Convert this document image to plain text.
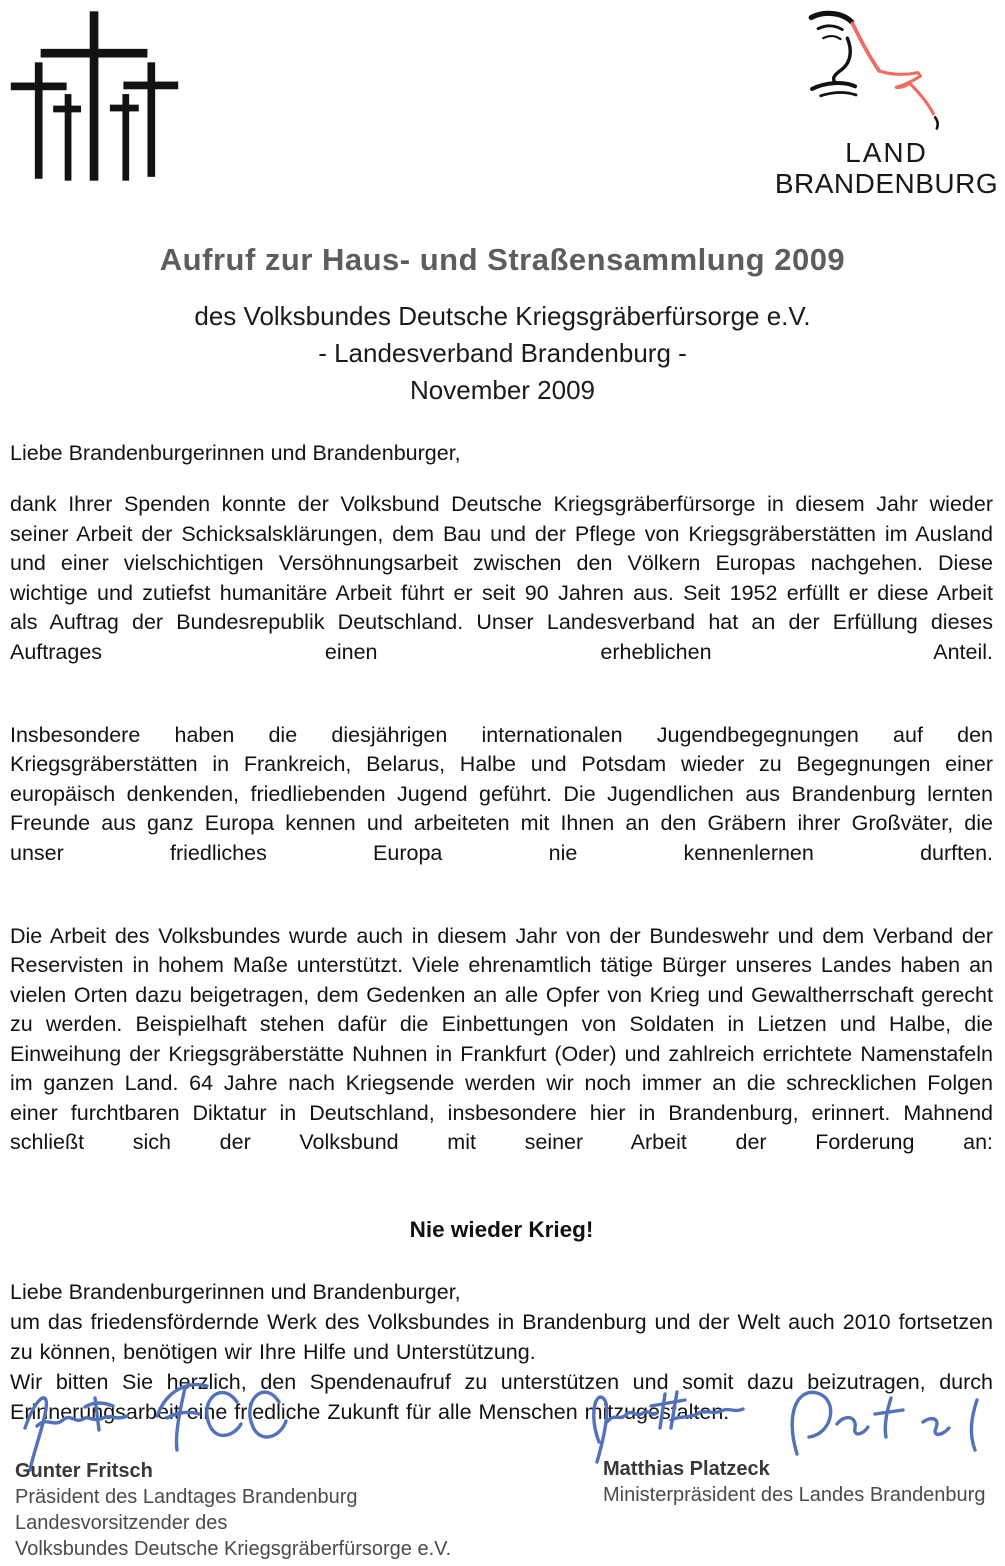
LAND
BRANDENBURG
Aufruf zur Haus- und Straßensammlung 2009
des Volksbundes Deutsche Kriegsgräberfürsorge e.V.
- Landesverband Brandenburg -
November 2009
Liebe Brandenburgerinnen und Brandenburger,
dank Ihrer Spenden konnte der Volksbund Deutsche Kriegsgräberfürsorge in diesem Jahr wieder seiner Arbeit der Schicksalsklärungen, dem Bau und der Pflege von Kriegsgräberstätten im Ausland und einer vielschichtigen Versöhnungsarbeit zwischen den Völkern Europas nachgehen. Diese wichtige und zutiefst humanitäre Arbeit führt er seit 90 Jahren aus. Seit 1952 erfüllt er diese Arbeit als Auftrag der Bundesrepublik Deutschland. Unser Landesverband hat an der Erfüllung dieses Auftrages einen erheblichen Anteil.
Insbesondere haben die diesjährigen internationalen Jugendbegegnungen auf den Kriegsgräberstätten in Frankreich, Belarus, Halbe und Potsdam wieder zu Begegnungen einer europäisch denkenden, friedliebenden Jugend geführt. Die Jugendlichen aus Brandenburg lernten Freunde aus ganz Europa kennen und arbeiteten mit Ihnen an den Gräbern ihrer Großväter, die unser friedliches Europa nie kennenlernen durften.
Die Arbeit des Volksbundes wurde auch in diesem Jahr von der Bundeswehr und dem Verband der Reservisten in hohem Maße unterstützt. Viele ehrenamtlich tätige Bürger unseres Landes haben an vielen Orten dazu beigetragen, dem Gedenken an alle Opfer von Krieg und Gewaltherrschaft gerecht zu werden. Beispielhaft stehen dafür die Einbettungen von Soldaten in Lietzen und Halbe, die Einweihung der Kriegsgräberstätte Nuhnen in Frankfurt (Oder) und zahlreich errichtete Namenstafeln im ganzen Land. 64 Jahre nach Kriegsende werden wir noch immer an die schrecklichen Folgen einer furchtbaren Diktatur in Deutschland, insbesondere hier in Brandenburg, erinnert. Mahnend schließt sich der Volksbund mit seiner Arbeit der Forderung an:
Nie wieder Krieg!
Liebe Brandenburgerinnen und Brandenburger,
um das friedensfördernde Werk des Volksbundes in Brandenburg und der Welt auch 2010 fortsetzen zu können, benötigen wir Ihre Hilfe und Unterstützung.
Wir bitten Sie herzlich, den Spendenaufruf zu unterstützen und somit dazu beizutragen, durch Erinnerungsarbeit eine friedliche Zukunft für alle Menschen mitzugestalten.
Gunter Fritsch
Präsident des Landtages Brandenburg
Landesvorsitzender des
Volksbundes Deutsche Kriegsgräberfürsorge e.V.
Matthias Platzeck
Ministerpräsident des Landes Brandenburg
